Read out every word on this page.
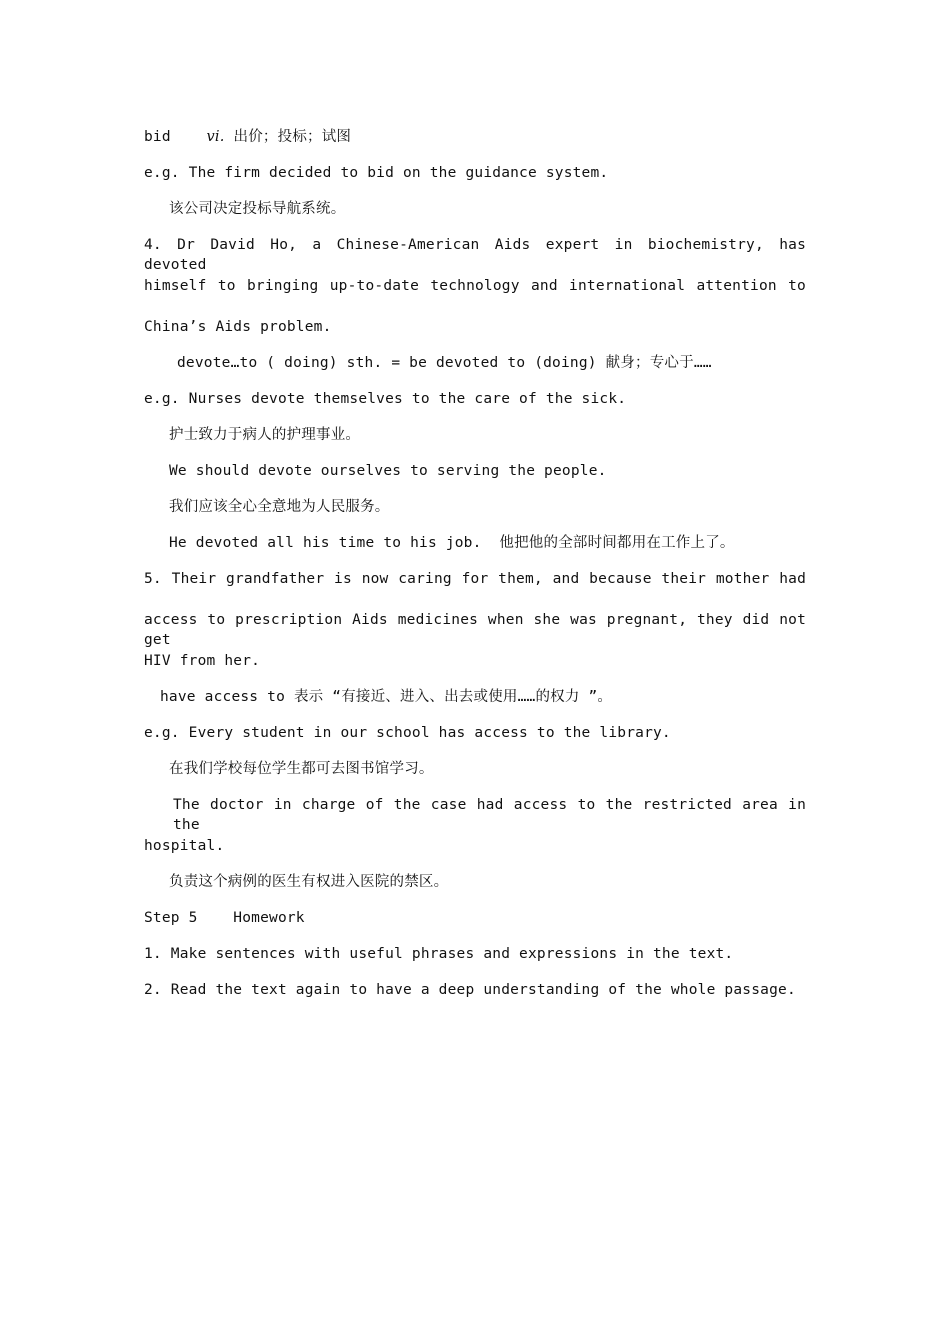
bid vi. 出价；投标；试图
e.g. The firm decided to bid on the guidance system.
该公司决定投标导航系统。
4. Dr David Ho, a Chinese-American Aids expert in biochemistry, has devoted
himself to bringing up-to-date technology and international attention to
China’s Aids problem.
devote…to ( doing) sth. = be devoted to (doing) 献身；专心于……
e.g. Nurses devote themselves to the care of the sick.
护士致力于病人的护理事业。
We should devote ourselves to serving the people.
我们应该全心全意地为人民服务。
He devoted all his time to his job.  他把他的全部时间都用在工作上了。
5. Their grandfather is now caring for them, and because their mother had
access to prescription Aids medicines when she was pregnant, they did not get
HIV from her.
have access to 表示 “有接近、进入、出去或使用……的权力 ”。
e.g. Every student in our school has access to the library.
在我们学校每位学生都可去图书馆学习。
The doctor in charge of the case had access to the restricted area in the
hospital.
负责这个病例的医生有权进入医院的禁区。
Step 5    Homework
1. Make sentences with useful phrases and expressions in the text.
2. Read the text again to have a deep understanding of the whole passage.
